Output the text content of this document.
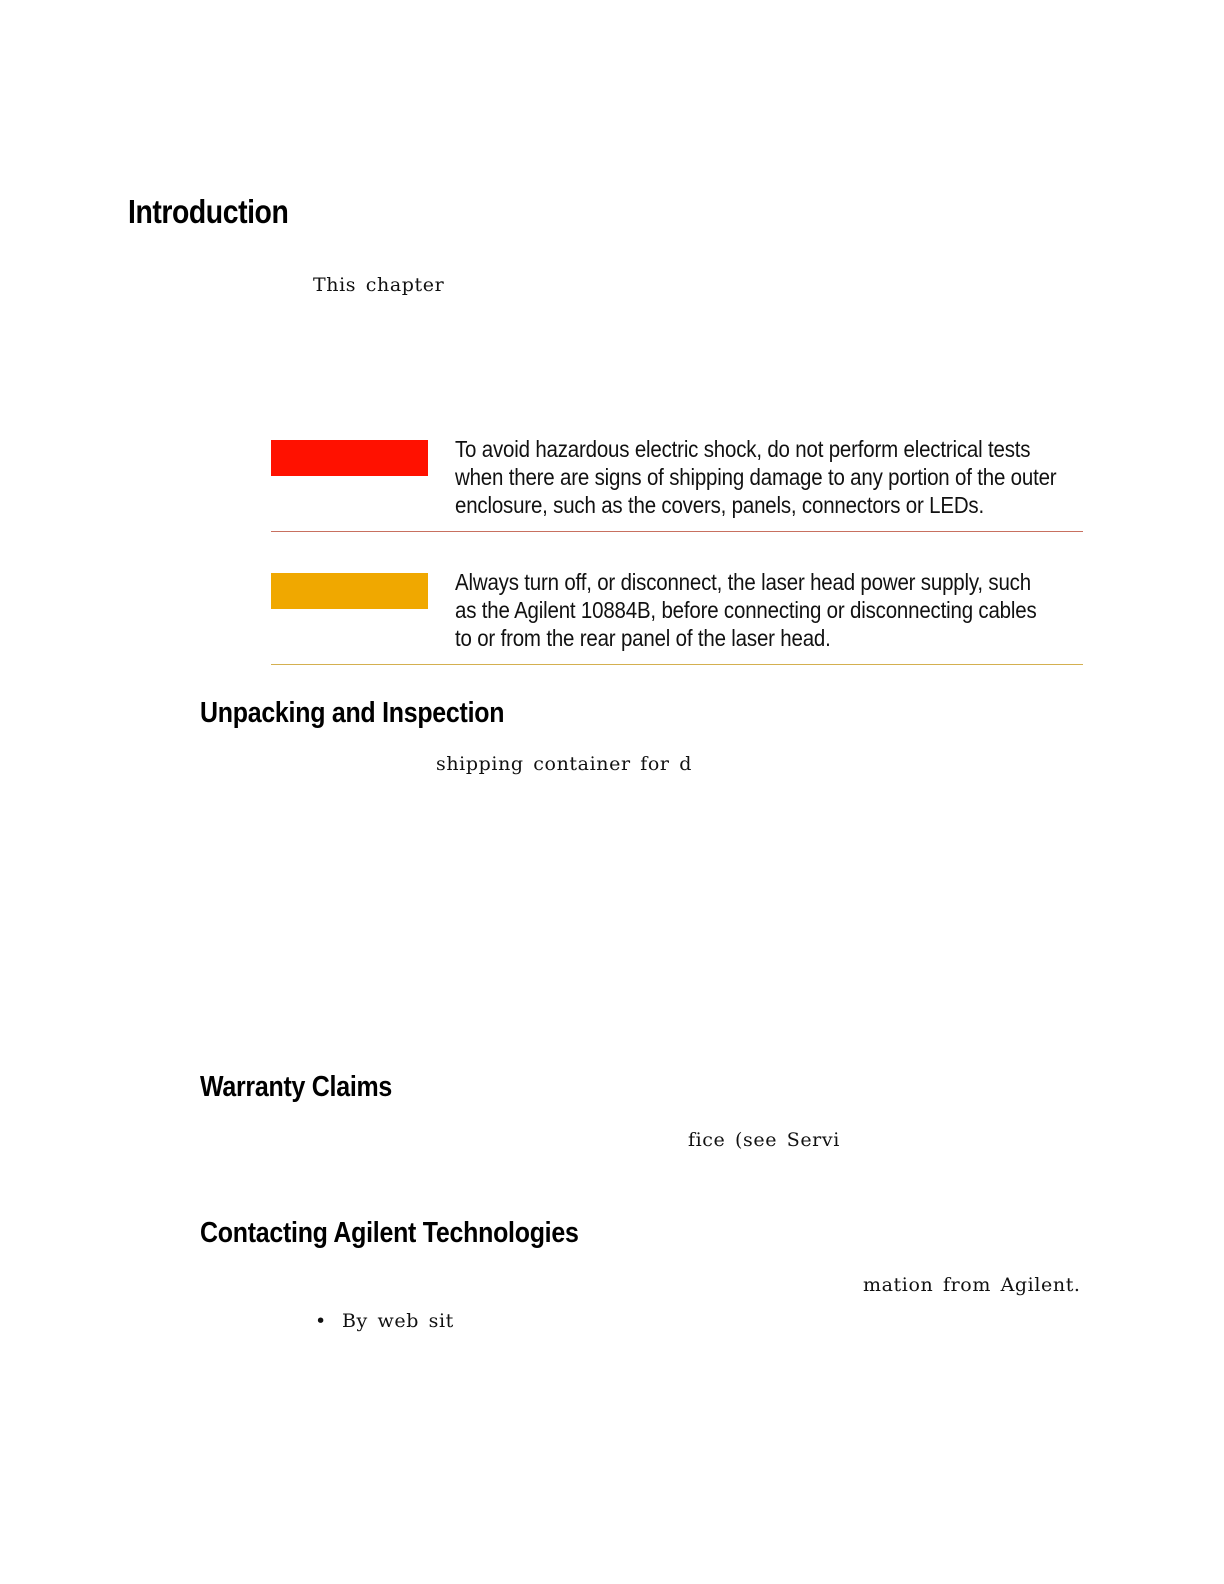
Introduction
This chapter
To avoid hazardous electric shock, do not perform electrical tests
when there are signs of shipping damage to any portion of the outer
enclosure, such as the covers, panels, connectors or LEDs.
Always turn off, or disconnect, the laser head power supply, such
as the Agilent 10884B, before connecting or disconnecting cables
to or from the rear panel of the laser head.
Unpacking and Inspection
shipping container for d
Warranty Claims
fice (see Servi
Contacting Agilent Technologies
mation from Agilent.
• By web sit
